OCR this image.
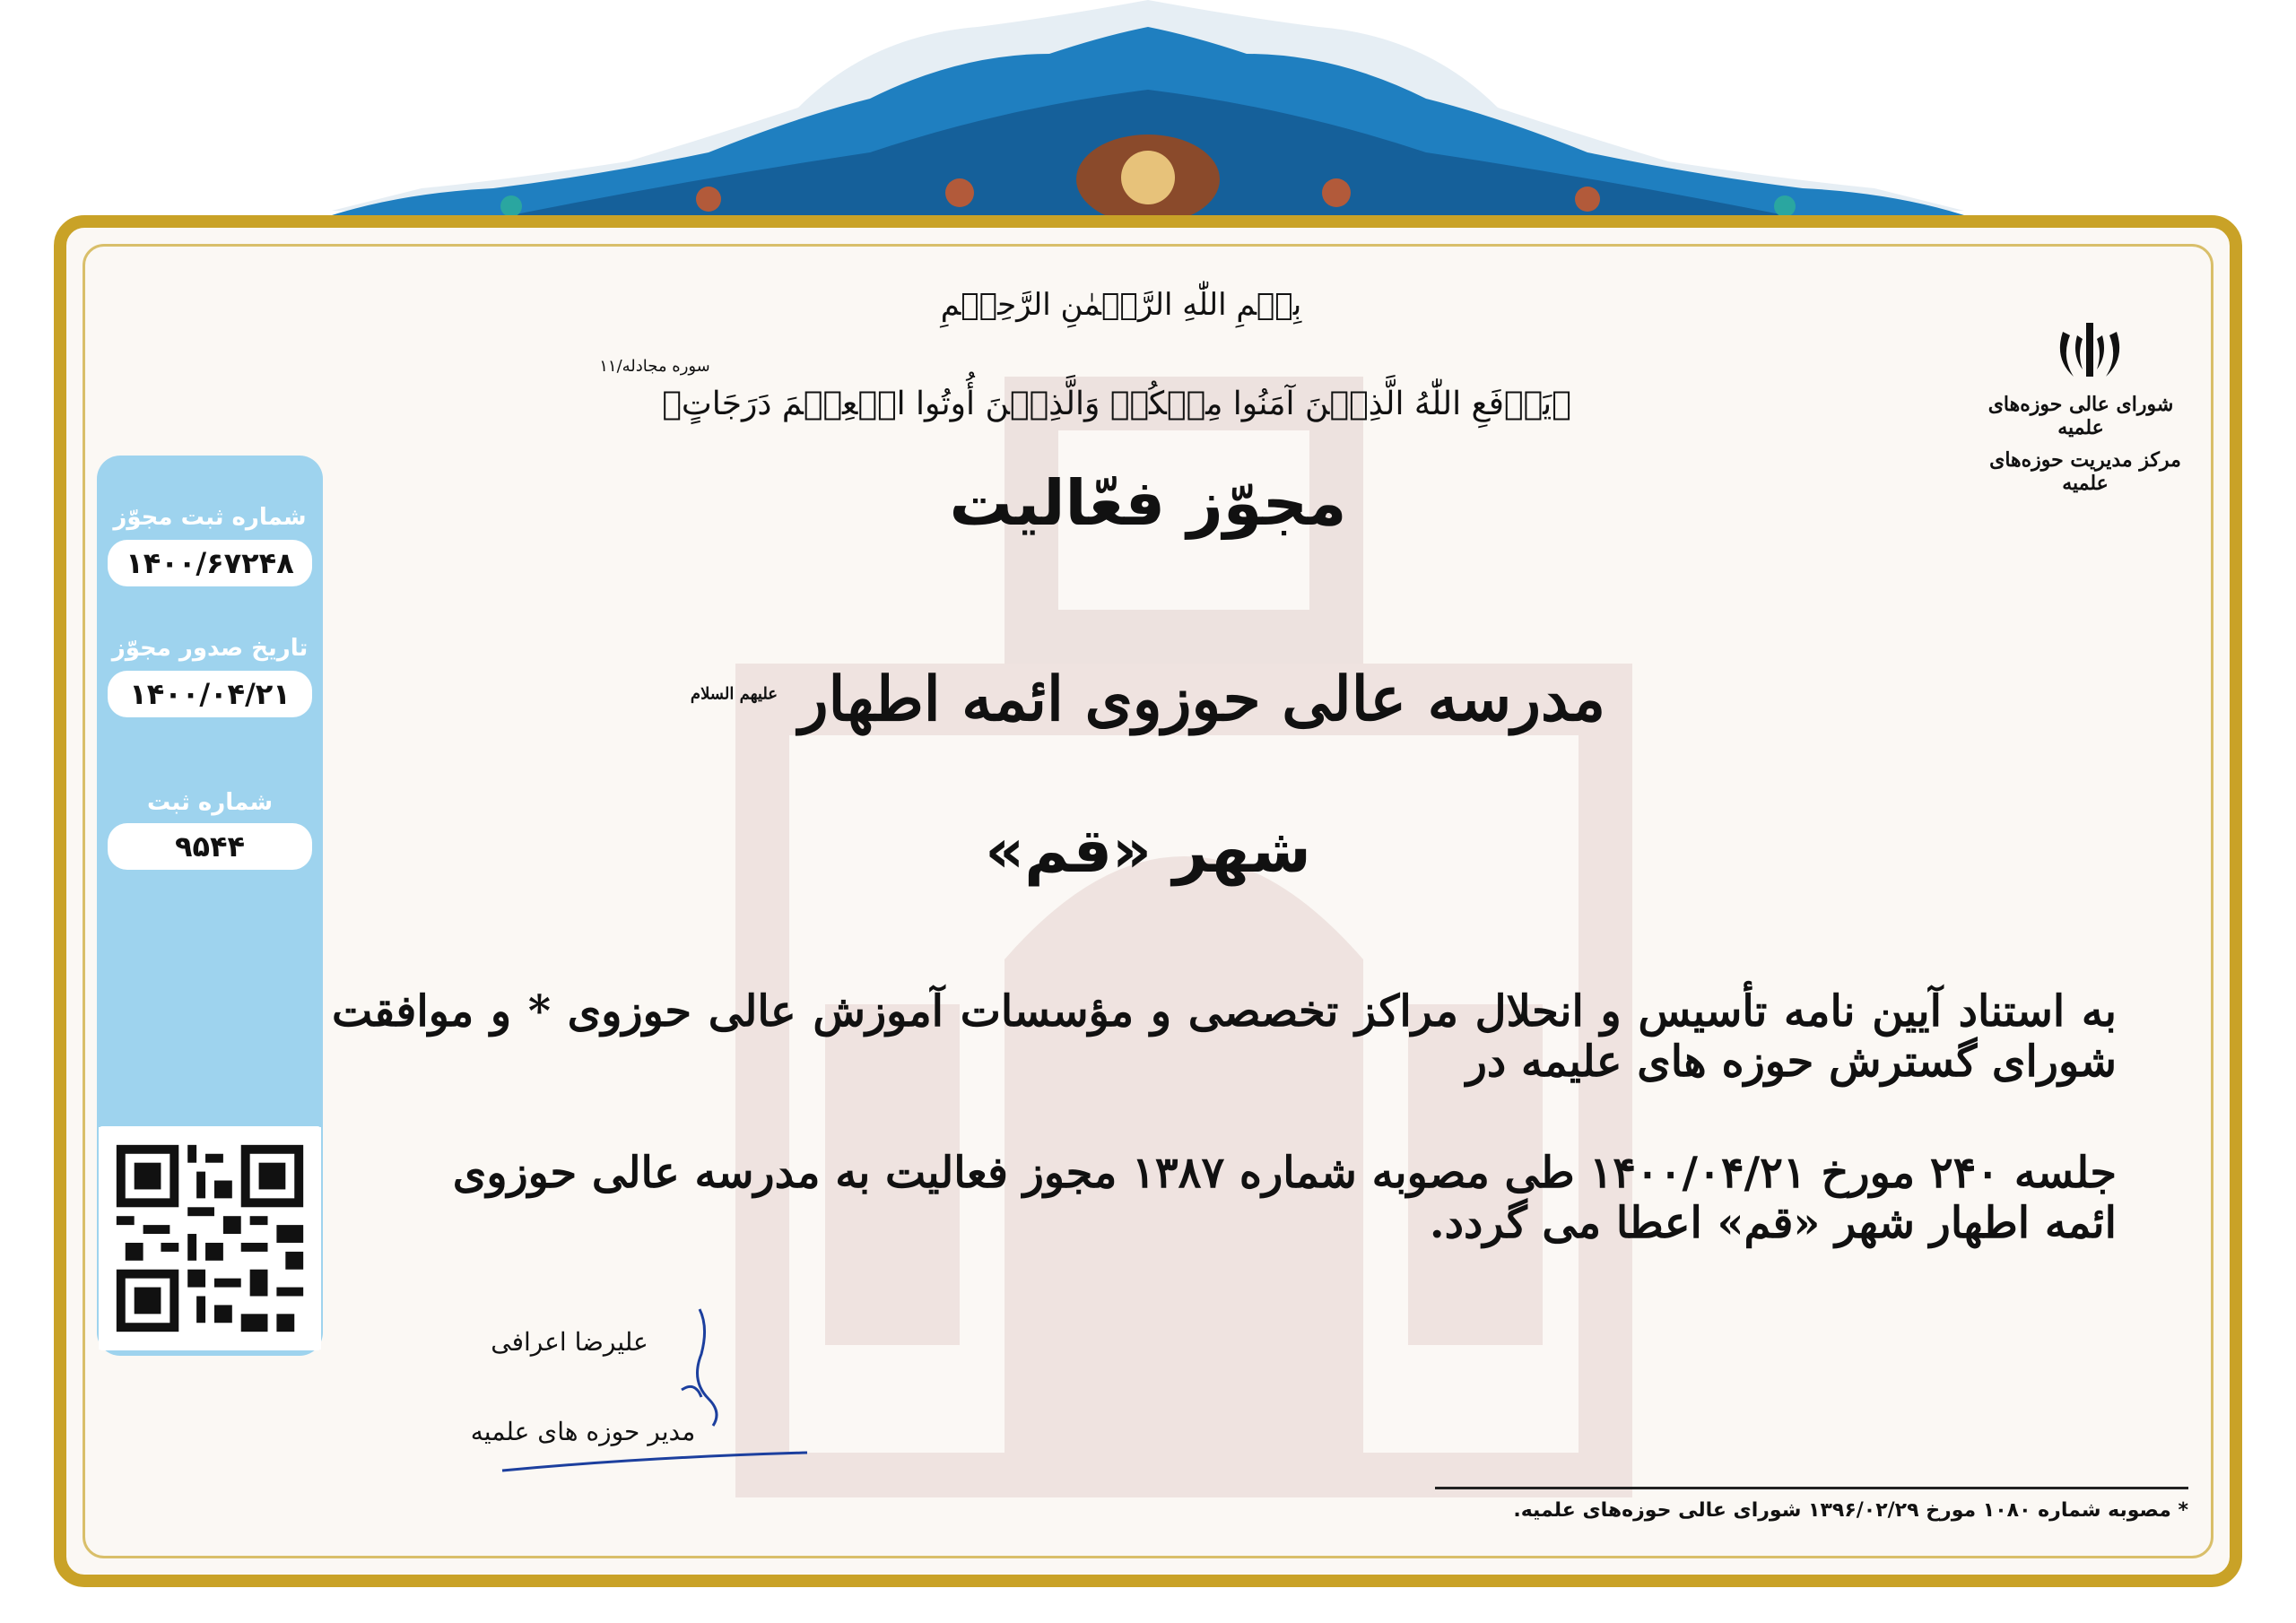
شماره ثبت مجوّز
۱۴۰۰/۶۷۲۴۸
تاریخ صدور مجوّز
۱۴۰۰/۰۴/۲۱
شماره ثبت
۹۵۴۴
بِسۡمِ اللّٰهِ الرَّحۡمٰنِ الرَّحِیۡمِ
سوره مجادله/۱۱
﴿یَرۡفَعِ اللّٰهُ الَّذِیۡنَ آمَنُوا مِنۡکُمۡ وَالَّذِیۡنَ أُوتُوا الۡعِلۡمَ دَرَجَاتٍ﴾
مجوّز فعّالیت
شورای عالی حوزه‌های علمیه
مرکز مدیریت حوزه‌های علمیه
مدرسه عالی حوزوی ائمه اطهار $^{علیهم السلام}$
شهر «قم»
به استناد آیین نامه تأسیس و انحلال مراکز تخصصی و مؤسسات آموزش عالی حوزوی * و موافقت شورای گسترش حوزه های علیمه در
جلسه ۲۴۰ مورخ ۱۴۰۰/۰۴/۲۱ طی مصوبه شماره ۱۳۸۷ مجوز فعالیت به مدرسه عالی حوزوی ائمه اطهار شهر «قم» اعطا می گردد.
علیرضا اعرافی
مدیر حوزه های علمیه
* مصوبه شماره ۱۰۸۰ مورخ ۱۳۹۶/۰۲/۲۹ شورای عالی حوزه‌های علمیه.
